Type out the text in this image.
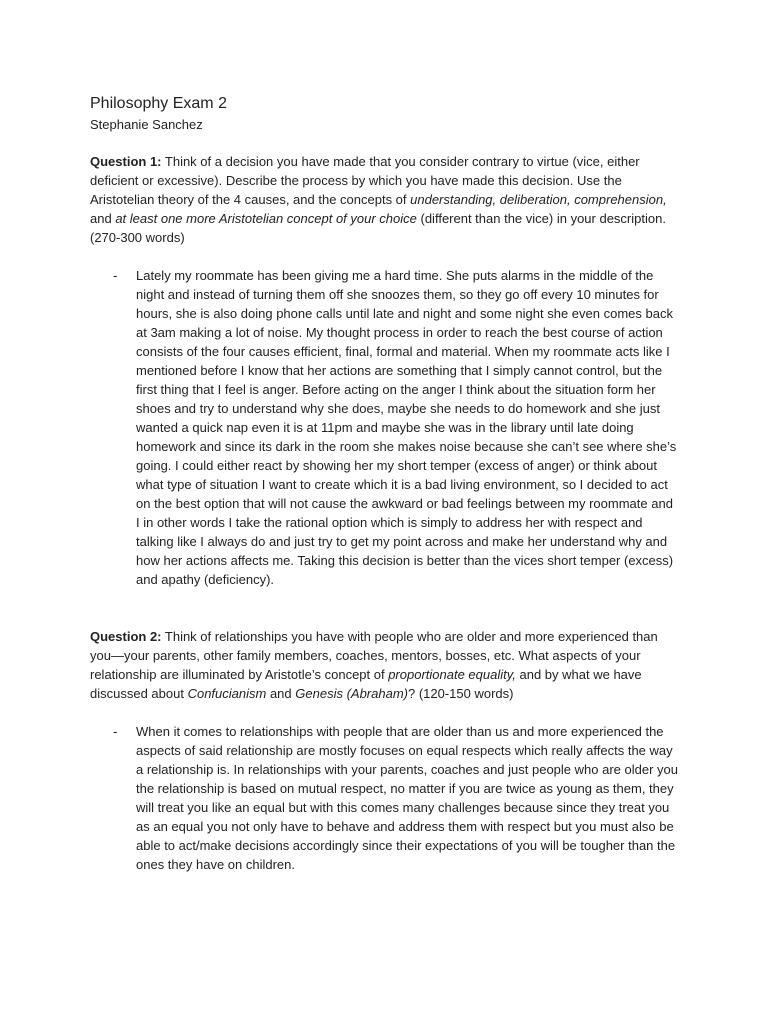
Philosophy Exam 2
Stephanie Sanchez

Question 1: Think of a decision you have made that you consider contrary to virtue (vice, either deficient or excessive). Describe the process by which you have made this decision. Use the Aristotelian theory of the 4 causes, and the concepts of understanding, deliberation, comprehension, and at least one more Aristotelian concept of your choice (different than the vice) in your description. (270-300 words)

- Lately my roommate has been giving me a hard time. She puts alarms in the middle of the night and instead of turning them off she snoozes them, so they go off every 10 minutes for hours, she is also doing phone calls until late and night and some night she even comes back at 3am making a lot of noise. My thought process in order to reach the best course of action consists of the four causes efficient, final, formal and material. When my roommate acts like I mentioned before I know that her actions are something that I simply cannot control, but the first thing that I feel is anger. Before acting on the anger I think about the situation form her shoes and try to understand why she does, maybe she needs to do homework and she just wanted a quick nap even it is at 11pm and maybe she was in the library until late doing homework and since its dark in the room she makes noise because she can’t see where she’s going. I could either react by showing her my short temper (excess of anger) or think about what type of situation I want to create which it is a bad living environment, so I decided to act on the best option that will not cause the awkward or bad feelings between my roommate and I in other words I take the rational option which is simply to address her with respect and talking like I always do and just try to get my point across and make her understand why and how her actions affects me. Taking this decision is better than the vices short temper (excess) and apathy (deficiency).

Question 2: Think of relationships you have with people who are older and more experienced than you—your parents, other family members, coaches, mentors, bosses, etc. What aspects of your relationship are illuminated by Aristotle’s concept of proportionate equality, and by what we have discussed about Confucianism and Genesis (Abraham)? (120-150 words)

- When it comes to relationships with people that are older than us and more experienced the aspects of said relationship are mostly focuses on equal respects which really affects the way a relationship is. In relationships with your parents, coaches and just people who are older you the relationship is based on mutual respect, no matter if you are twice as young as them, they will treat you like an equal but with this comes many challenges because since they treat you as an equal you not only have to behave and address them with respect but you must also be able to act/make decisions accordingly since their expectations of you will be tougher than the ones they have on children.
